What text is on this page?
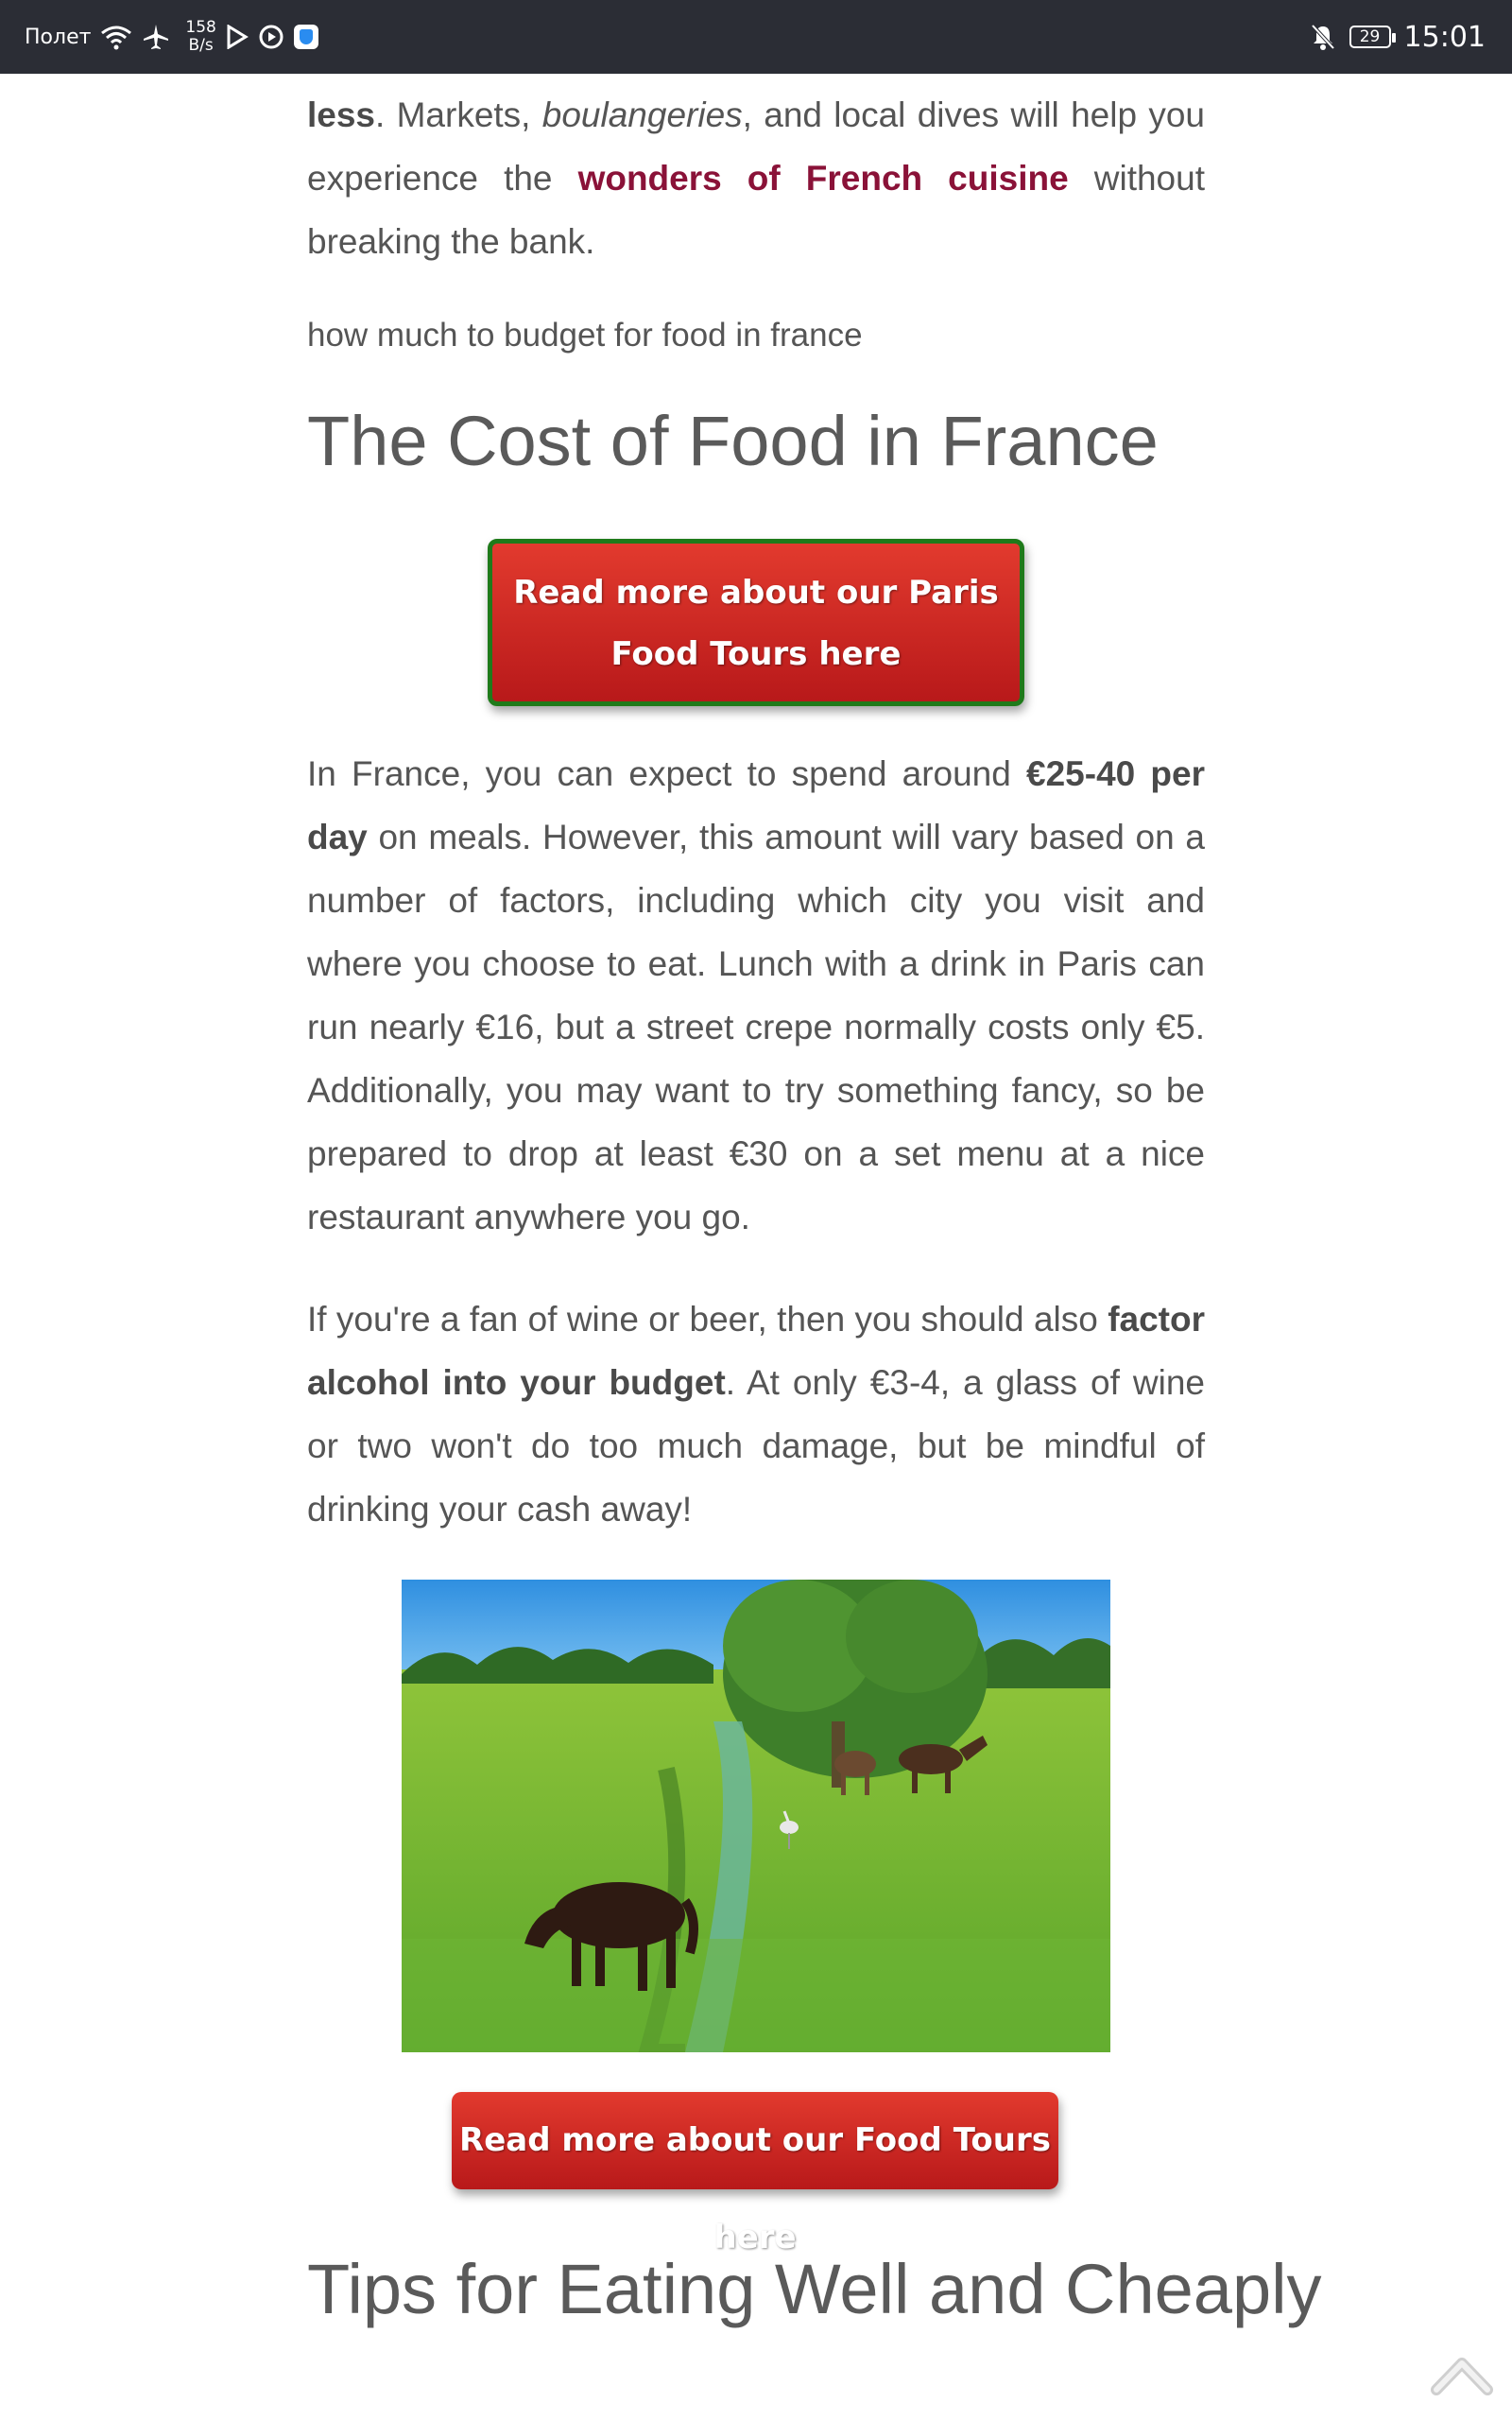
Полет	158
B/s	29 15:01

less. Markets, boulangeries, and local dives will help you experience the wonders of French cuisine without breaking the bank.

how much to budget for food in france
The Cost of Food in France
Read more about our Paris Food Tours here

In France, you can expect to spend around €25-40 per day on meals. However, this amount will vary based on a number of factors, including which city you visit and where you choose to eat. Lunch with a drink in Paris can run nearly €16, but a street crepe normally costs only €5. Additionally, you may want to try something fancy, so be prepared to drop at least €30 on a set menu at a nice restaurant anywhere you go.

If you're a fan of wine or beer, then you should also factor alcohol into your budget. At only €3-4, a glass of wine or two won't do too much damage, but be mindful of drinking your cash away!

Read more about our Food Tours here
Tips for Eating Well and Cheaply
